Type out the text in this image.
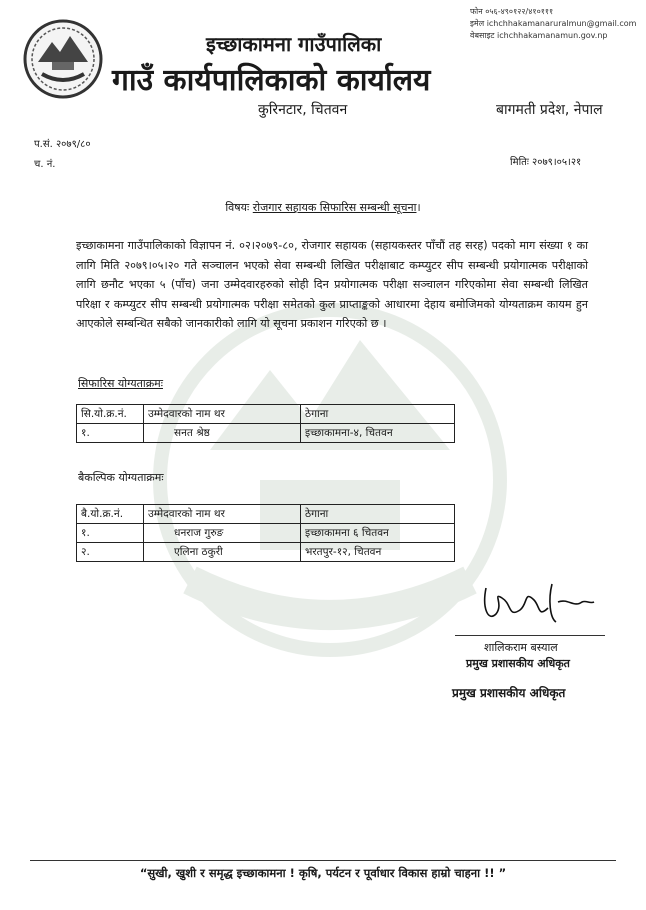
फोन ०५६-४९०१२२/४१०१११
इमेल ichchhakamanaruralmun@gmail.com
वेबसाइट ichchhakamanamun.gov.np
इच्छाकामना गाउँपालिका
गाउँ कार्यपालिकाको कार्यालय
कुरिनटार, चितवन	बागमती प्रदेश, नेपाल
प.सं. २०७९/८०
च. नं.	मितिः २०७९।०५।२१
विषयः रोजगार सहायक सिफारिस सम्बन्धी सूचना।
इच्छाकामना गाउँपालिकाको विज्ञापन नं. ०२।२०७९-८०, रोजगार सहायक (सहायकस्तर पाँचौं तह सरह) पदको माग संख्या १ का लागि मिति २०७९।०५।२० गते सञ्चालन भएको सेवा सम्बन्धी लिखित परीक्षाबाट कम्प्युटर सीप सम्बन्धी प्रयोगात्मक परीक्षाको लागि छनौट भएका ५ (पाँच) जना उम्मेदवारहरुको सोही दिन प्रयोगात्मक परीक्षा सञ्चालन गरिएकोमा सेवा सम्बन्धी लिखित परिक्षा र कम्प्युटर सीप सम्बन्धी प्रयोगात्मक परीक्षा समेतको कुल प्राप्ताङ्कको आधारमा देहाय बमोजिमको योग्यताक्रम कायम हुन आएकोले सम्बन्धित सबैको जानकारीको लागि यो सूचना प्रकाशन गरिएको छ ।
सिफारिस योग्यताक्रमः
सि.यो.क्र.नं.	उम्मेदवारको नाम थर	ठेगाना
१.	सनत श्रेष्ठ	इच्छाकामना-४, चितवन
बैकल्पिक योग्यताक्रमः
बै.यो.क्र.नं.	उम्मेदवारको नाम थर	ठेगाना
१.	धनराज गुरुङ	इच्छाकामना ६ चितवन
२.	एलिना ठकुरी	भरतपुर-१२, चितवन
Bhawan Ram
शालिकराम बस्याल
प्रमुख प्रशासकीय अधिकृत
प्रमुख प्रशासकीय अधिकृत
“सुखी, खुशी र समृद्ध इच्छाकामना ! कृषि, पर्यटन र पूर्वाधार विकास हाम्रो चाहना !! ”
